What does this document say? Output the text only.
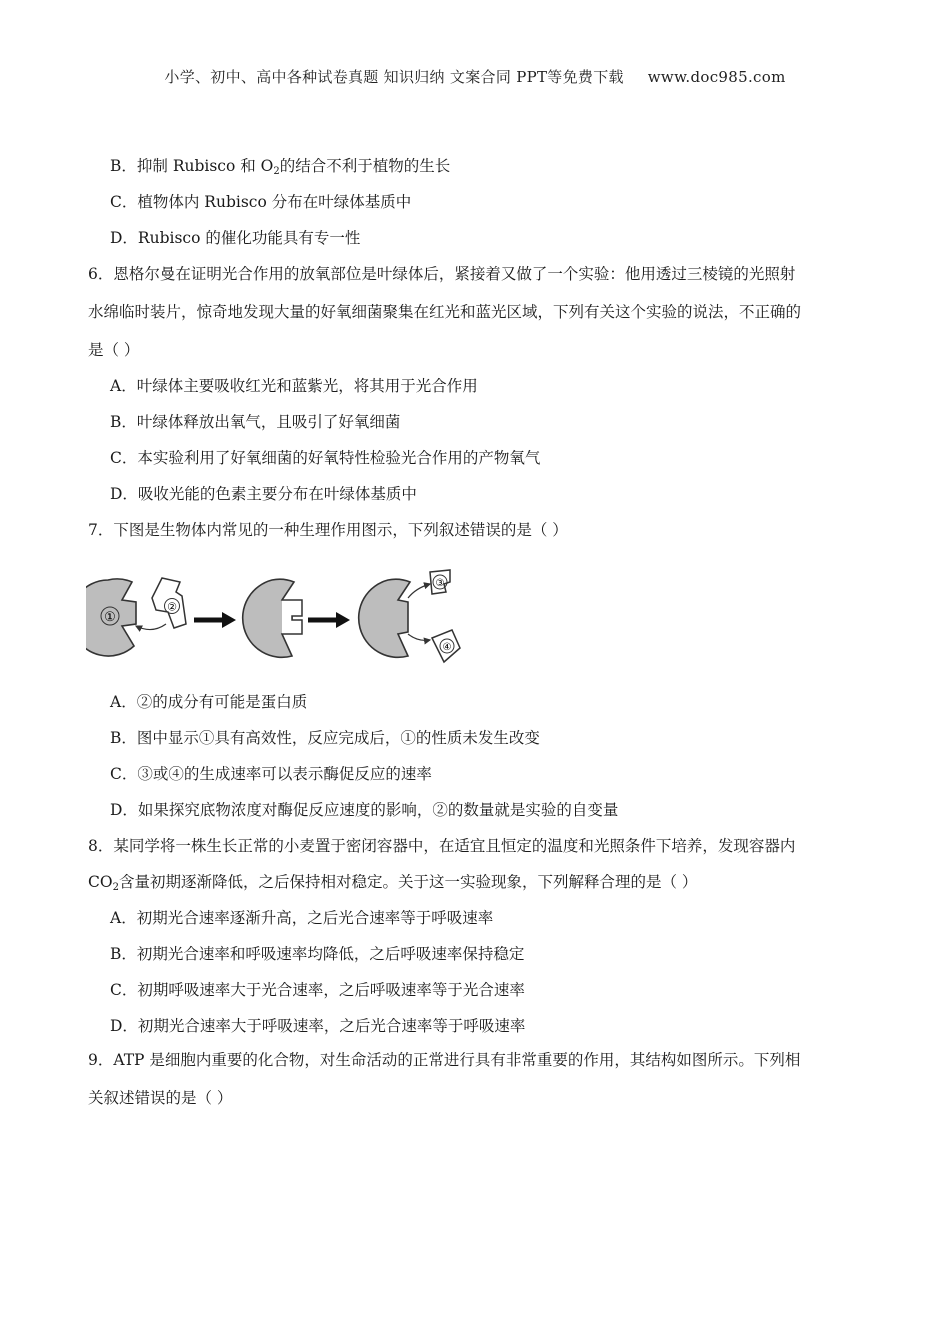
小学、初中、高中各种试卷真题 知识归纳 文案合同 PPT等免费下载 www.doc985.com
B．抑制 Rubisco 和 $O_2$的结合不利于植物的生长
C．植物体内 Rubisco 分布在叶绿体基质中
D．Rubisco 的催化功能具有专一性
6．恩格尔曼在证明光合作用的放氧部位是叶绿体后，紧接着又做了一个实验：他用透过三棱镜的光照射
水绵临时装片，惊奇地发现大量的好氧细菌聚集在红光和蓝光区域，下列有关这个实验的说法，不正确的
是（ ）
A．叶绿体主要吸收红光和蓝紫光，将其用于光合作用
B．叶绿体释放出氧气，且吸引了好氧细菌
C．本实验利用了好氧细菌的好氧特性检验光合作用的产物氧气
D．吸收光能的色素主要分布在叶绿体基质中
7．下图是生物体内常见的一种生理作用图示，下列叙述错误的是（ ）
①
②
③
④
A．②的成分有可能是蛋白质
B．图中显示①具有高效性，反应完成后，①的性质未发生改变
C．③或④的生成速率可以表示酶促反应的速率
D．如果探究底物浓度对酶促反应速度的影响，②的数量就是实验的自变量
8．某同学将一株生长正常的小麦置于密闭容器中，在适宜且恒定的温度和光照条件下培养，发现容器内
$CO_2$含量初期逐渐降低，之后保持相对稳定。关于这一实验现象，下列解释合理的是（ ）
A．初期光合速率逐渐升高，之后光合速率等于呼吸速率
B．初期光合速率和呼吸速率均降低，之后呼吸速率保持稳定
C．初期呼吸速率大于光合速率，之后呼吸速率等于光合速率
D．初期光合速率大于呼吸速率，之后光合速率等于呼吸速率
9．ATP 是细胞内重要的化合物，对生命活动的正常进行具有非常重要的作用，其结构如图所示。下列相
关叙述错误的是（ ）
